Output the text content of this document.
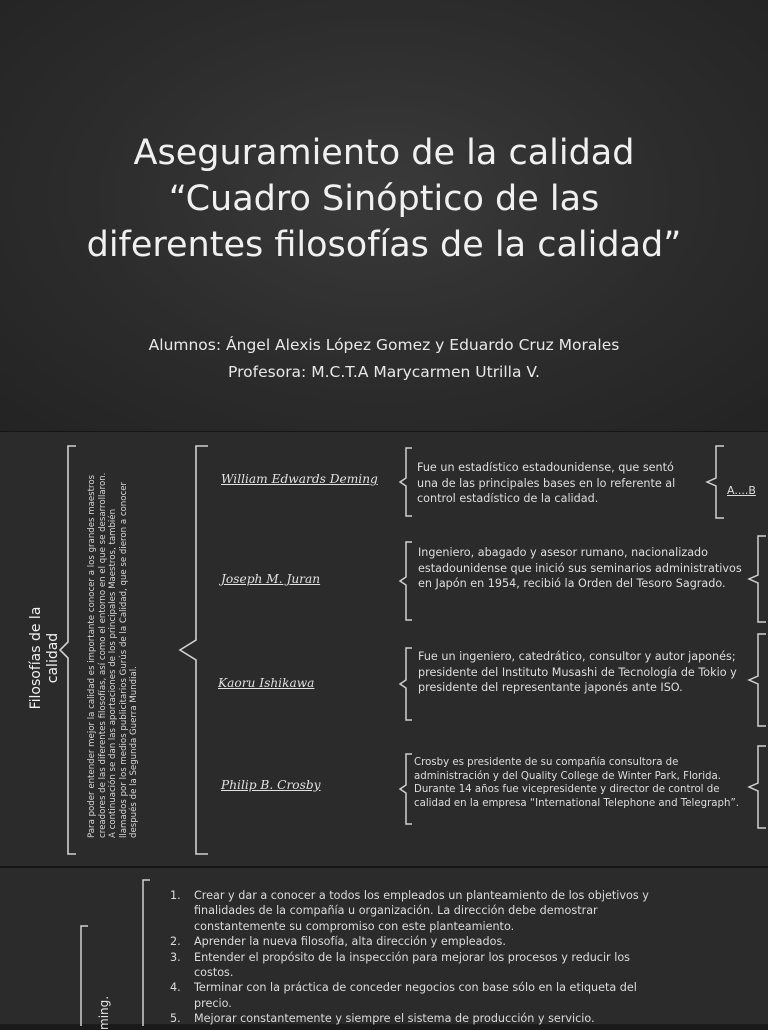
Aseguramiento de la calidad
“Cuadro Sinóptico de las
diferentes filosofías de la calidad”
Alumnos: Ángel Alexis López Gomez y Eduardo Cruz Morales
Profesora: M.C.T.A Marycarmen Utrilla V.
Filosofías de la calidad	Para poder entender mejor la calidad es importante conocer a los grandes maestros creadores de las diferentes filosofías, así como el entorno en el que se desarrollaron. A continuación se dan las aportaciones de los principales Maestros, también llamados por los medios publicitarios Gurús de la Calidad, que se dieron a conocer después de la Segunda Guerra Mundial.
William Edwards Deming
Fue un estadístico estadounidense, que sentó una de las principales bases en lo referente al control estadístico de la calidad.
A....B
Joseph M. Juran
Ingeniero, abagado y asesor rumano, nacionalizado estadounidense que inició sus seminarios administrativos en Japón en 1954, recibió la Orden del Tesoro Sagrado.
Kaoru Ishikawa
Fue un ingeniero, catedrático, consultor y autor japonés; presidente del Instituto Musashi de Tecnología de Tokio y presidente del representante japonés ante ISO.
Philip B. Crosby
Crosby es presidente de su compañía consultora de administración y del Quality College de Winter Park, Florida. Durante 14 años fue vicepresidente y director de control de calidad en la empresa “International Telephone and Telegraph”.
ming.
1. Crear y dar a conocer a todos los empleados un planteamiento de los objetivos y finalidades de la compañía u organización. La dirección debe demostrar constantemente su compromiso con este planteamiento.
2. Aprender la nueva filosofía, alta dirección y empleados.
3. Entender el propósito de la inspección para mejorar los procesos y reducir los costos.
4. Terminar con la práctica de conceder negocios con base sólo en la etiqueta del precio.
5. Mejorar constantemente y siempre el sistema de producción y servicio.
